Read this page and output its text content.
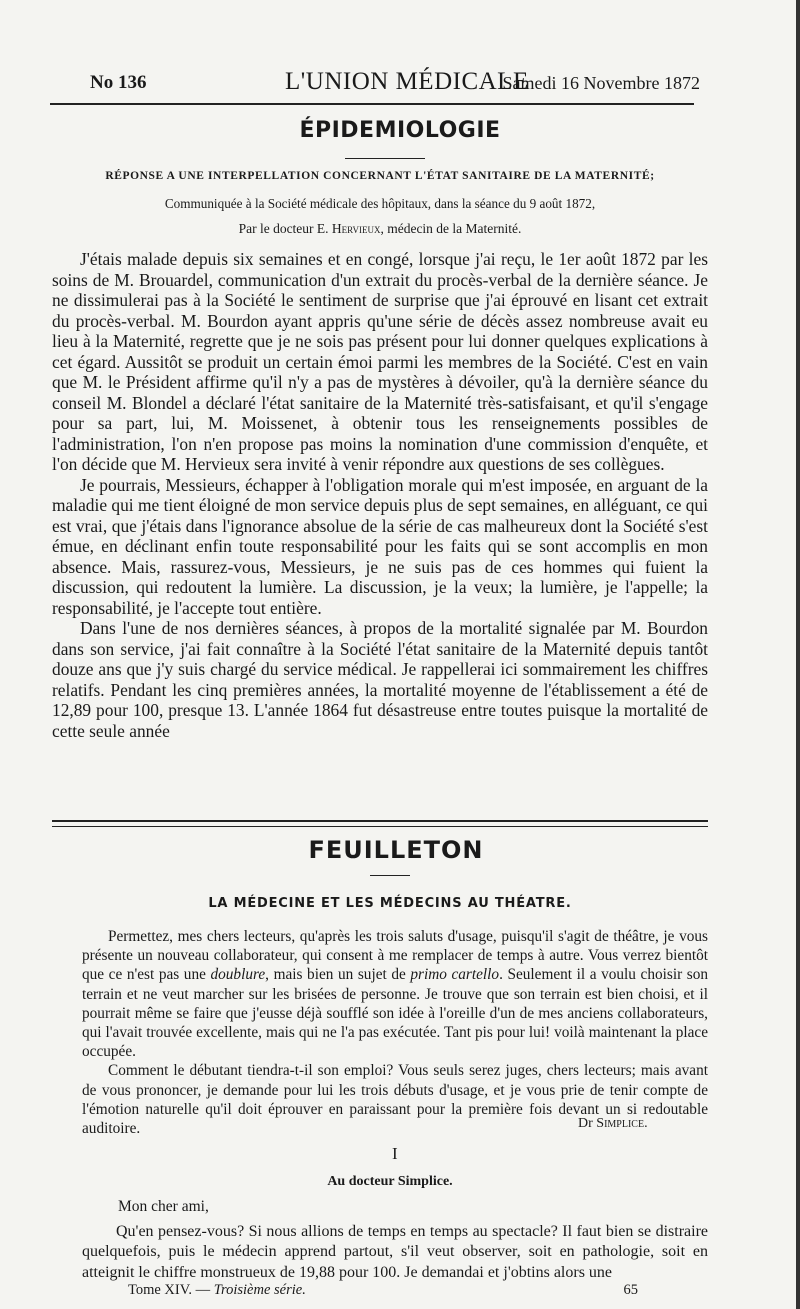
No 136	L'UNION MÉDICALE
Samedi 16 Novembre 1872
ÉPIDEMIOLOGIE
RÉPONSE A UNE INTERPELLATION CONCERNANT L'ÉTAT SANITAIRE DE LA MATERNITÉ;
Communiquée à la Société médicale des hôpitaux, dans la séance du 9 août 1872,
Par le docteur E. Hervieux, médecin de la Maternité.

J'étais malade depuis six semaines et en congé, lorsque j'ai reçu, le 1er août 1872 par les soins de M. Brouardel, communication d'un extrait du procès-verbal de la dernière séance. Je ne dissimulerai pas à la Société le sentiment de surprise que j'ai éprouvé en lisant cet extrait du procès-verbal. M. Bourdon ayant appris qu'une série de décès assez nombreuse avait eu lieu à la Maternité, regrette que je ne sois pas présent pour lui donner quelques explications à cet égard. Aussitôt se produit un certain émoi parmi les membres de la Société. C'est en vain que M. le Président affirme qu'il n'y a pas de mystères à dévoiler, qu'à la dernière séance du conseil M. Blondel a déclaré l'état sanitaire de la Maternité très-satisfaisant, et qu'il s'engage pour sa part, lui, M. Moissenet, à obtenir tous les renseignements possibles de l'administration, l'on n'en propose pas moins la nomination d'une commission d'enquête, et l'on décide que M. Hervieux sera invité à venir répondre aux questions de ses collègues.

Je pourrais, Messieurs, échapper à l'obligation morale qui m'est imposée, en arguant de la maladie qui me tient éloigné de mon service depuis plus de sept semaines, en alléguant, ce qui est vrai, que j'étais dans l'ignorance absolue de la série de cas malheureux dont la Société s'est émue, en déclinant enfin toute responsabilité pour les faits qui se sont accomplis en mon absence. Mais, rassurez-vous, Messieurs, je ne suis pas de ces hommes qui fuient la discussion, qui redoutent la lumière. La discussion, je la veux; la lumière, je l'appelle; la responsabilité, je l'accepte tout entière.

Dans l'une de nos dernières séances, à propos de la mortalité signalée par M. Bourdon dans son service, j'ai fait connaître à la Société l'état sanitaire de la Maternité depuis tantôt douze ans que j'y suis chargé du service médical. Je rappellerai ici sommairement les chiffres relatifs. Pendant les cinq premières années, la mortalité moyenne de l'établissement a été de 12,89 pour 100, presque 13. L'année 1864 fut désastreuse entre toutes puisque la mortalité de cette seule année

FEUILLETON
LA MÉDECINE ET LES MÉDECINS AU THÉATRE.

Permettez, mes chers lecteurs, qu'après les trois saluts d'usage, puisqu'il s'agit de théâtre, je vous présente un nouveau collaborateur, qui consent à me remplacer de temps à autre. Vous verrez bientôt que ce n'est pas une doublure, mais bien un sujet de primo cartello. Seulement il a voulu choisir son terrain et ne veut marcher sur les brisées de personne. Je trouve que son terrain est bien choisi, et il pourrait même se faire que j'eusse déjà soufflé son idée à l'oreille d'un de mes anciens collaborateurs, qui l'avait trouvée excellente, mais qui ne l'a pas exécutée. Tant pis pour lui! voilà maintenant la place occupée.

Comment le débutant tiendra-t-il son emploi? Vous seuls serez juges, chers lecteurs; mais avant de vous prononcer, je demande pour lui les trois débuts d'usage, et je vous prie de tenir compte de l'émotion naturelle qu'il doit éprouver en paraissant pour la première fois devant un si redoutable auditoire.	Dr Simplice.
I
Au docteur Simplice.
Mon cher ami,

Qu'en pensez-vous? Si nous allions de temps en temps au spectacle? Il faut bien se distraire quelquefois, puis le médecin apprend partout, s'il veut observer, soit en pathologie, soit en atteignit le chiffre monstrueux de 19,88 pour 100. Je demandai et j'obtins alors une

Tome XIV. — Troisième série.	65
